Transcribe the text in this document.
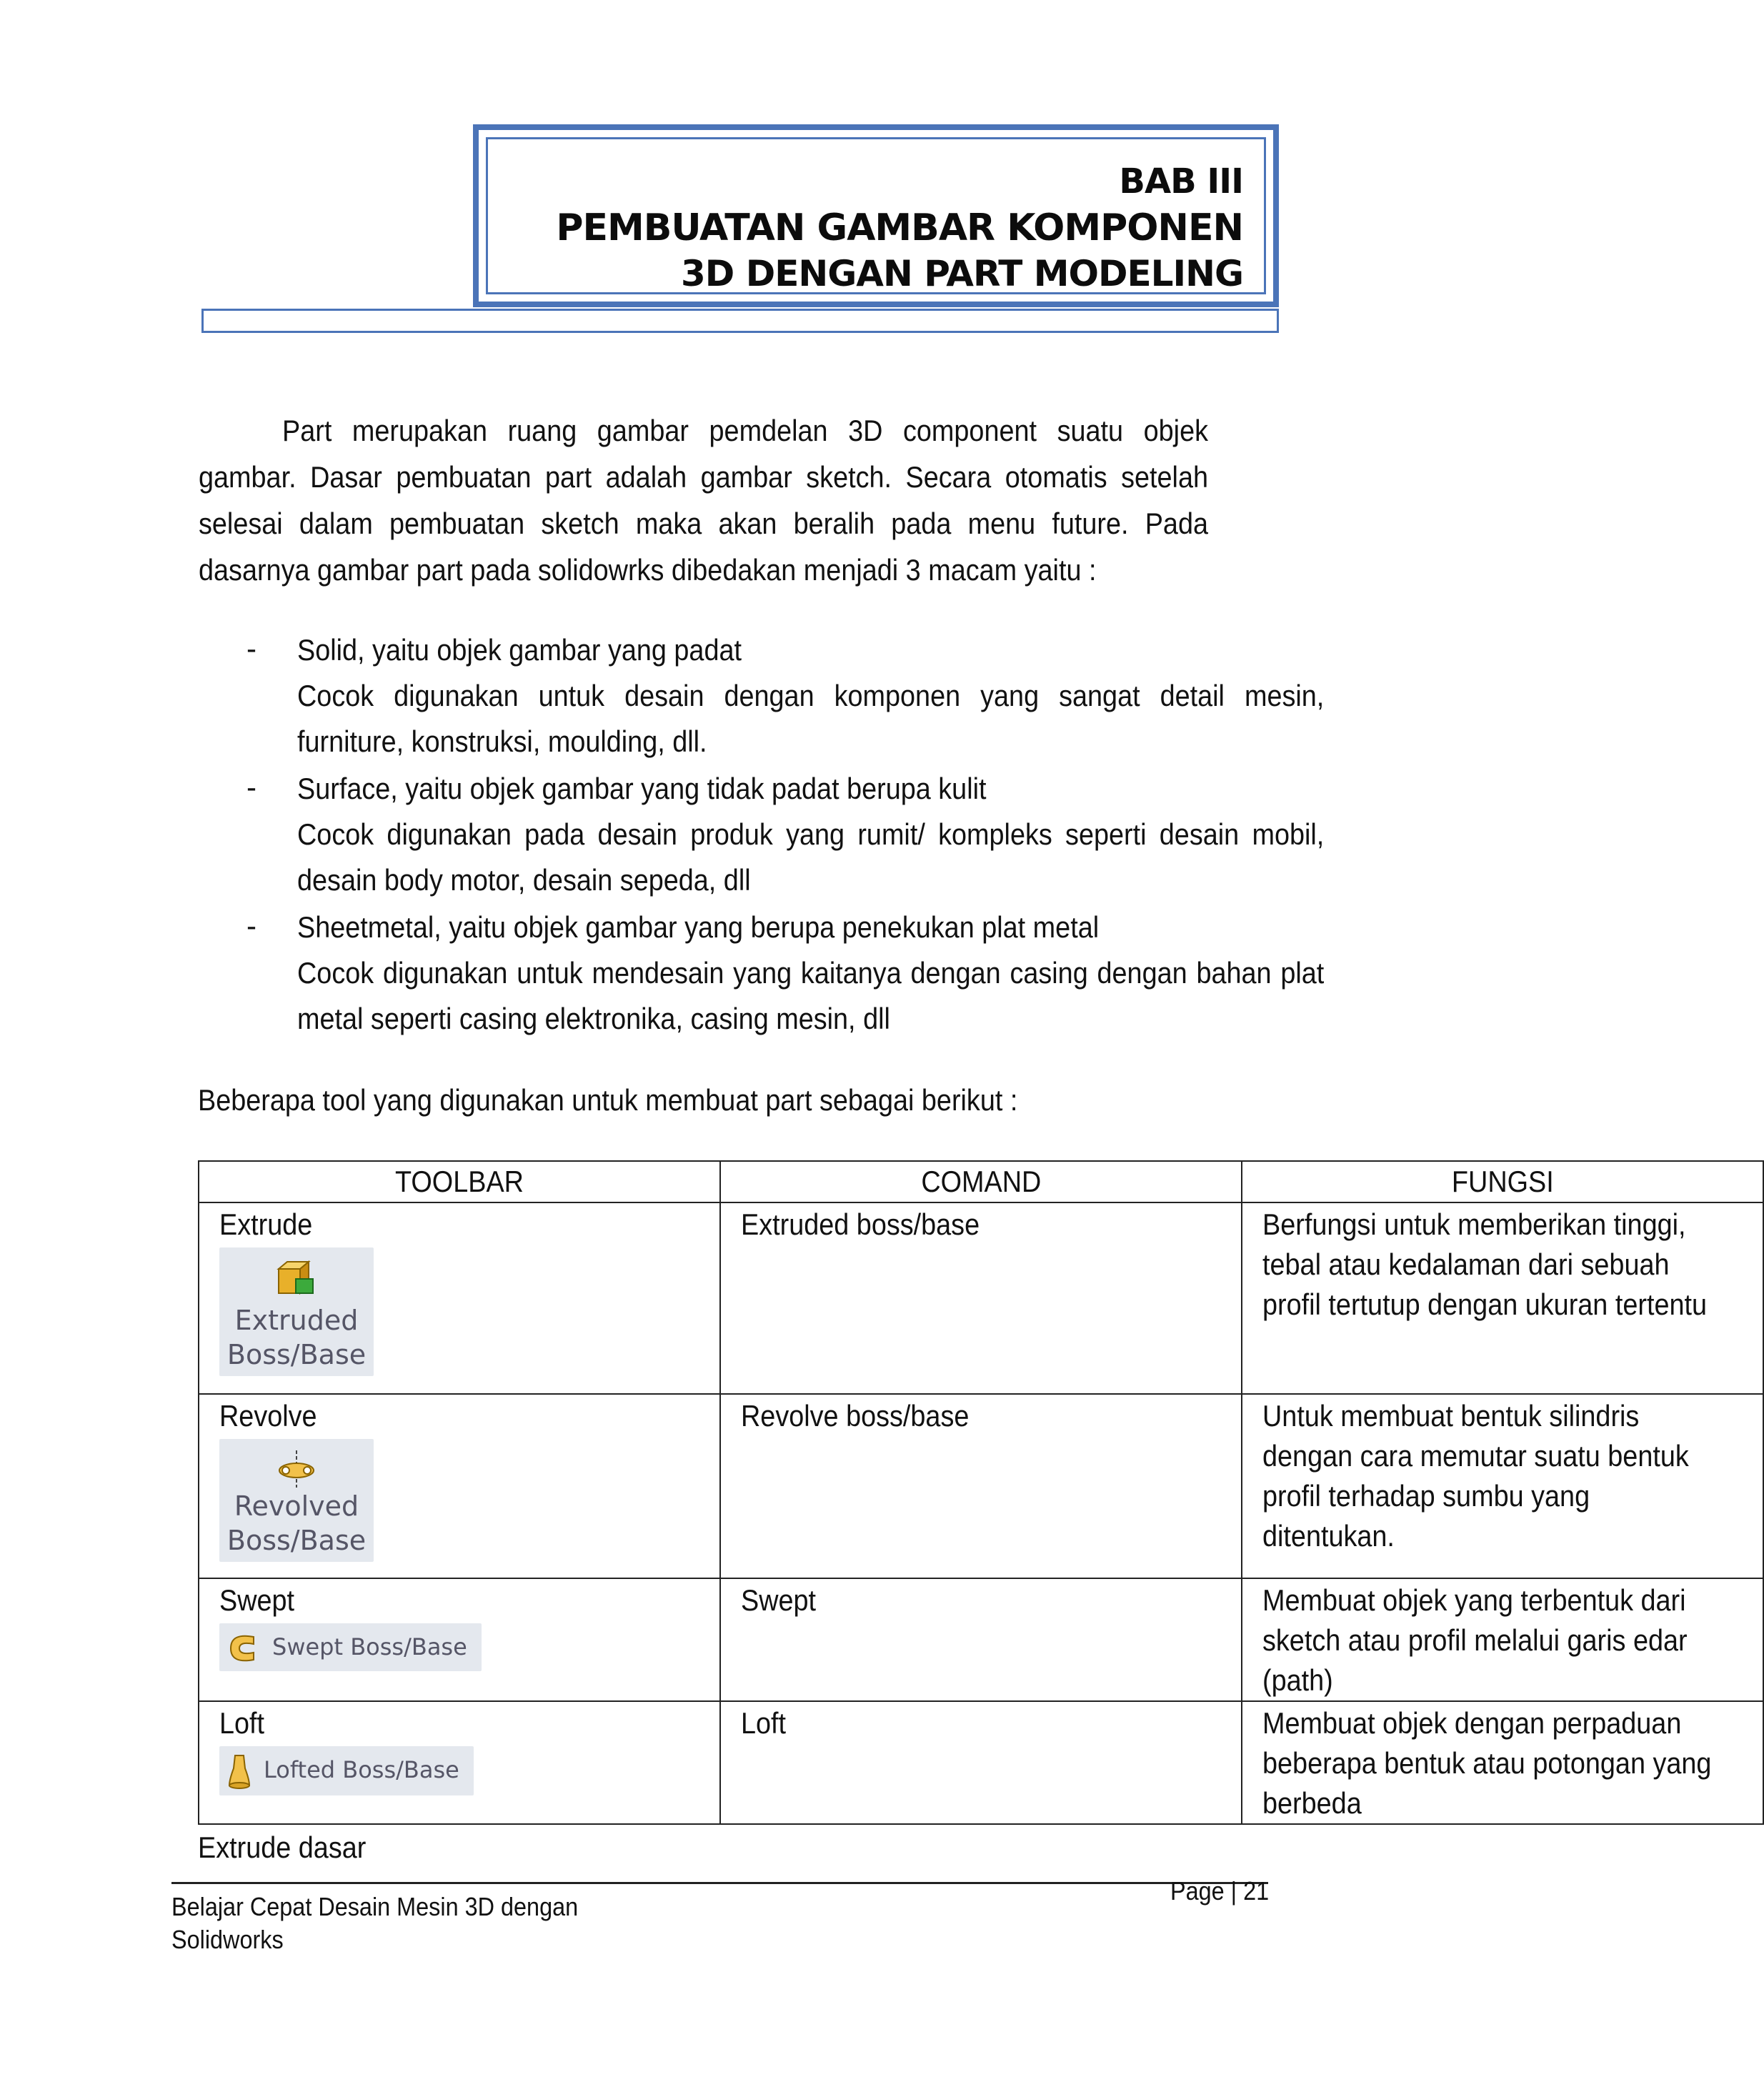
BAB III
PEMBUATAN GAMBAR KOMPONEN
3D DENGAN PART MODELING
Part merupakan ruang gambar pemdelan 3D component suatu objek gambar. Dasar pembuatan part adalah gambar sketch. Secara otomatis setelah selesai dalam pembuatan sketch maka akan beralih pada menu future. Pada dasarnya gambar part pada solidowrks dibedakan menjadi 3 macam yaitu :
- Solid, yaitu objek gambar yang padat
Cocok digunakan untuk desain dengan komponen yang sangat detail mesin, furniture, konstruksi, moulding, dll.
- Surface, yaitu objek gambar yang tidak padat berupa kulit
Cocok digunakan pada desain produk yang rumit/ kompleks seperti desain mobil, desain body motor, desain sepeda, dll
- Sheetmetal, yaitu objek gambar yang berupa penekukan plat metal
Cocok digunakan untuk mendesain yang kaitanya dengan casing dengan bahan plat metal seperti casing elektronika, casing mesin, dll
Beberapa tool yang digunakan untuk membuat part sebagai berikut :
TOOLBAR	COMAND	FUNGSI

Extrude
Extruded
Boss/Base	Extruded boss/base	Berfungsi untuk memberikan tinggi, tebal atau kedalaman dari sebuah profil tertutup dengan ukuran tertentu

Revolve
Revolved
Boss/Base	Revolve boss/base	Untuk membuat bentuk silindris dengan cara memutar suatu bentuk profil terhadap sumbu yang ditentukan.

Swept
Swept Boss/Base	Swept	Membuat objek yang terbentuk dari sketch atau profil melalui garis edar (path)

Loft
Lofted Boss/Base	Loft	Membuat objek dengan perpaduan beberapa bentuk atau potongan yang berbeda
Extrude dasar
Belajar Cepat Desain Mesin 3D dengan
Solidworks
Page | 21
